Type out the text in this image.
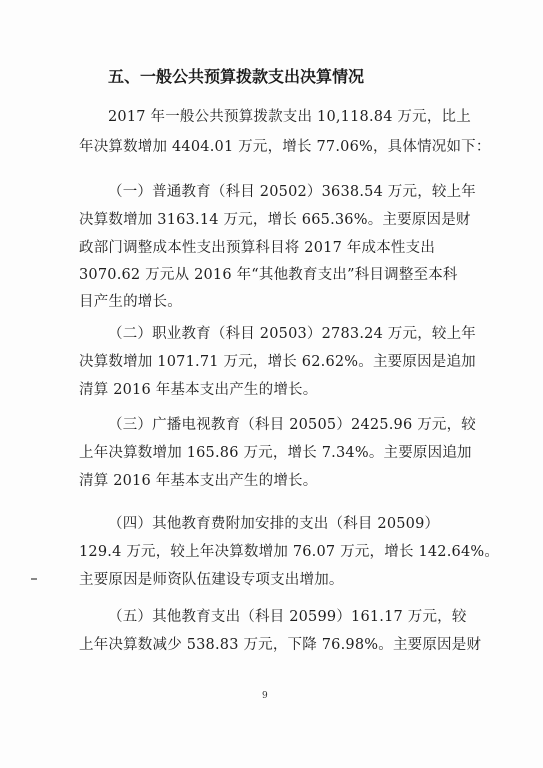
五、一般公共预算拨款支出决算情况
2017 年一般公共预算拨款支出 10,118.84 万元，比上
年决算数增加 4404.01 万元，增长 77.06%，具体情况如下：
（一）普通教育（科目 20502）3638.54 万元，较上年
决算数增加 3163.14 万元，增长 665.36%。主要原因是财
政部门调整成本性支出预算科目将 2017 年成本性支出
3070.62 万元从 2016 年“其他教育支出”科目调整至本科
目产生的增长。
（二）职业教育（科目 20503）2783.24 万元，较上年
决算数增加 1071.71 万元，增长 62.62%。主要原因是追加
清算 2016 年基本支出产生的增长。
（三）广播电视教育（科目 20505）2425.96 万元，较
上年决算数增加 165.86 万元，增长 7.34%。主要原因追加
清算 2016 年基本支出产生的增长。
（四）其他教育费附加安排的支出（科目 20509）
129.4 万元，较上年决算数增加 76.07 万元，增长 142.64%。
主要原因是师资队伍建设专项支出增加。
（五）其他教育支出（科目 20599）161.17 万元，较
上年决算数减少 538.83 万元，下降 76.98%。主要原因是财
9
